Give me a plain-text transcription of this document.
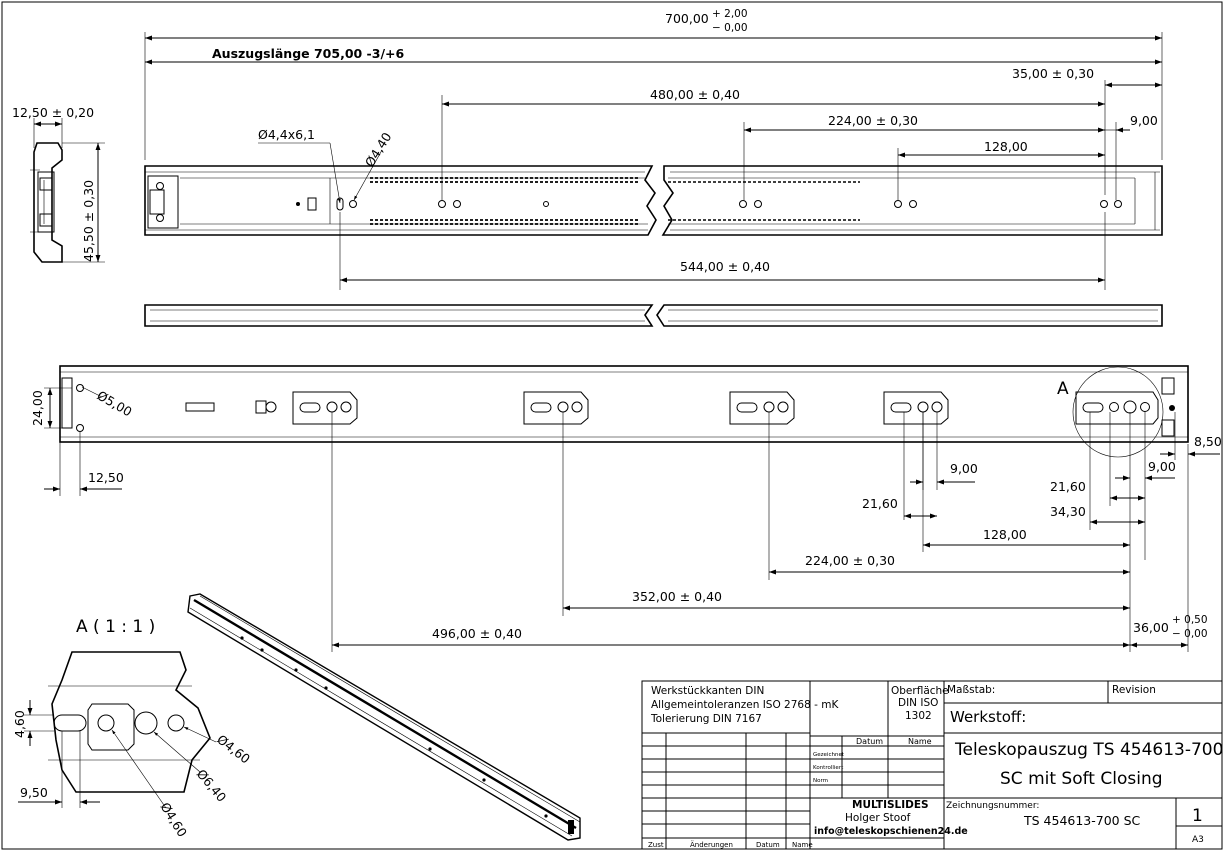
700,00 + 2,00
− 0,00
Auszugslänge 705,00 -3/+6
35,00 ± 0,30
480,00 ± 0,40
224,00 ± 0,30	9,00
128,00
Ø4,4x6,1	Ø4,40
544,00 ± 0,40
12,50 ± 0,20
45,50 ± 0,30
A
24,00	Ø5,00
12,50
8,50
9,00
21,60
9,00
21,60
34,30
128,00
224,00 ± 0,30
352,00 ± 0,40
496,00 ± 0,40	36,00 + 0,50
− 0,00
A ( 1 : 1 )
4,60
9,50
Ø4,60
Ø6,40
Ø4,60
Werkstückkanten DIN
Allgemeintoleranzen ISO 2768 - mK
Tolerierung DIN 7167
Oberfläche
DIN ISO
1302
Maßstab:	Revision
Werkstoff:
Datum	Name
Gezeichnet
Kontrolliert
Norm
MULTISLIDES
Holger Stoof
info@teleskopschienen24.de
Teleskopauszug TS 454613-700
SC mit Soft Closing
Zeichnungsnummer:
TS 454613-700 SC	1
A3
Zust	Änderungen	Datum Name
